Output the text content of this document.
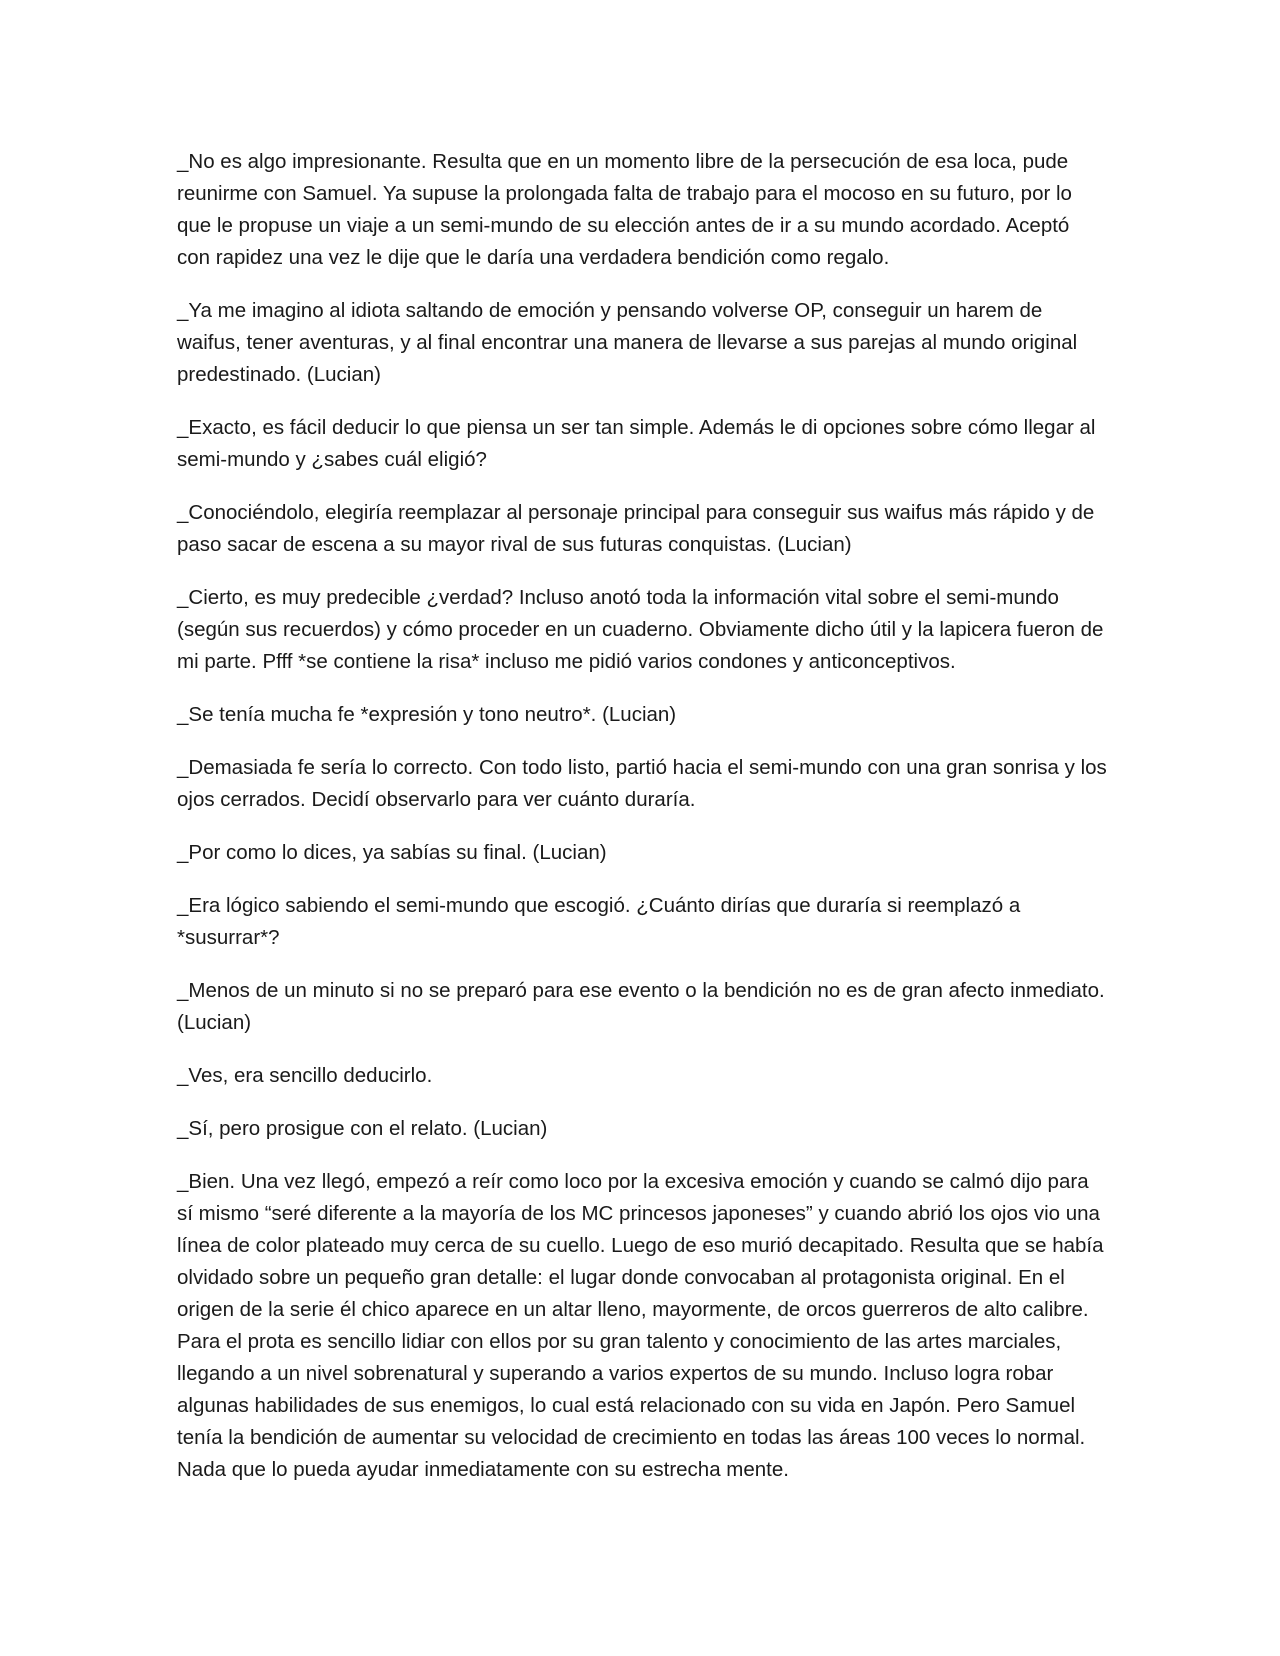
_No es algo impresionante. Resulta que en un momento libre de la persecución de esa loca, pude reunirme con Samuel. Ya supuse la prolongada falta de trabajo para el mocoso en su futuro, por lo que le propuse un viaje a un semi-mundo de su elección antes de ir a su mundo acordado. Aceptó con rapidez una vez le dije que le daría una verdadera bendición como regalo.

_Ya me imagino al idiota saltando de emoción y pensando volverse OP, conseguir un harem de waifus, tener aventuras, y al final encontrar una manera de llevarse a sus parejas al mundo original predestinado. (Lucian)

_Exacto, es fácil deducir lo que piensa un ser tan simple. Además le di opciones sobre cómo llegar al semi-mundo y ¿sabes cuál eligió?

_Conociéndolo, elegiría reemplazar al personaje principal para conseguir sus waifus más rápido y de paso sacar de escena a su mayor rival de sus futuras conquistas. (Lucian)

_Cierto, es muy predecible ¿verdad? Incluso anotó toda la información vital sobre el semi-mundo (según sus recuerdos) y cómo proceder en un cuaderno. Obviamente dicho útil y la lapicera fueron de mi parte. Pfff *se contiene la risa* incluso me pidió varios condones y anticonceptivos.

_Se tenía mucha fe *expresión y tono neutro*. (Lucian)

_Demasiada fe sería lo correcto. Con todo listo, partió hacia el semi-mundo con una gran sonrisa y los ojos cerrados. Decidí observarlo para ver cuánto duraría.

_Por como lo dices, ya sabías su final. (Lucian)

_Era lógico sabiendo el semi-mundo que escogió. ¿Cuánto dirías que duraría si reemplazó a *susurrar*?

_Menos de un minuto si no se preparó para ese evento o la bendición no es de gran afecto inmediato. (Lucian)

_Ves, era sencillo deducirlo.

_Sí, pero prosigue con el relato. (Lucian)

_Bien. Una vez llegó, empezó a reír como loco por la excesiva emoción y cuando se calmó dijo para sí mismo “seré diferente a la mayoría de los MC princesos japoneses” y cuando abrió los ojos vio una línea de color plateado muy cerca de su cuello. Luego de eso murió decapitado. Resulta que se había olvidado sobre un pequeño gran detalle: el lugar donde convocaban al protagonista original. En el origen de la serie él chico aparece en un altar lleno, mayormente, de orcos guerreros de alto calibre. Para el prota es sencillo lidiar con ellos por su gran talento y conocimiento de las artes marciales, llegando a un nivel sobrenatural y superando a varios expertos de su mundo. Incluso logra robar algunas habilidades de sus enemigos, lo cual está relacionado con su vida en Japón. Pero Samuel tenía la bendición de aumentar su velocidad de crecimiento en todas las áreas 100 veces lo normal. Nada que lo pueda ayudar inmediatamente con su estrecha mente.
